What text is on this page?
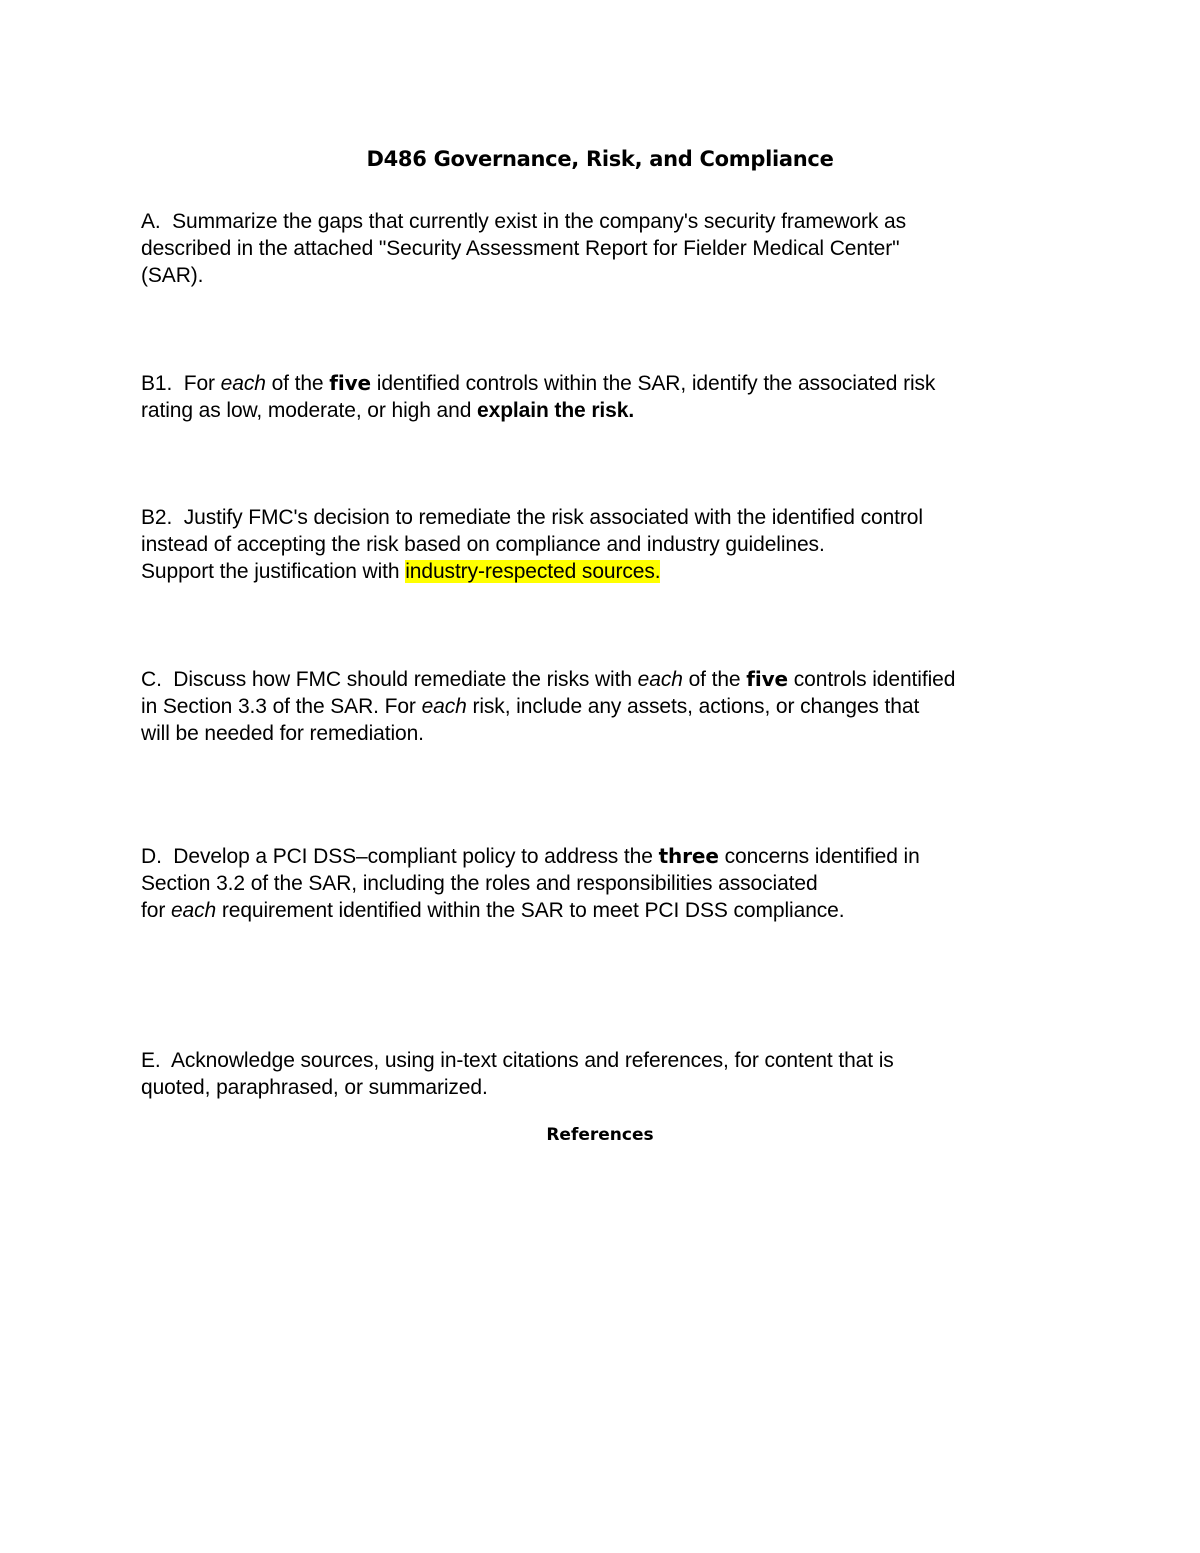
D486 Governance, Risk, and Compliance
A. Summarize the gaps that currently exist in the company's security framework as
described in the attached "Security Assessment Report for Fielder Medical Center"
(SAR).
B1. For each of the five identified controls within the SAR, identify the associated risk
rating as low, moderate, or high and explain the risk.
B2. Justify FMC's decision to remediate the risk associated with the identified control
instead of accepting the risk based on compliance and industry guidelines.
Support the justification with industry-respected sources.
C. Discuss how FMC should remediate the risks with each of the five controls identified
in Section 3.3 of the SAR. For each risk, include any assets, actions, or changes that
will be needed for remediation.
D. Develop a PCI DSS–compliant policy to address the three concerns identified in
Section 3.2 of the SAR, including the roles and responsibilities associated
for each requirement identified within the SAR to meet PCI DSS compliance.
E. Acknowledge sources, using in-text citations and references, for content that is
quoted, paraphrased, or summarized.
References
